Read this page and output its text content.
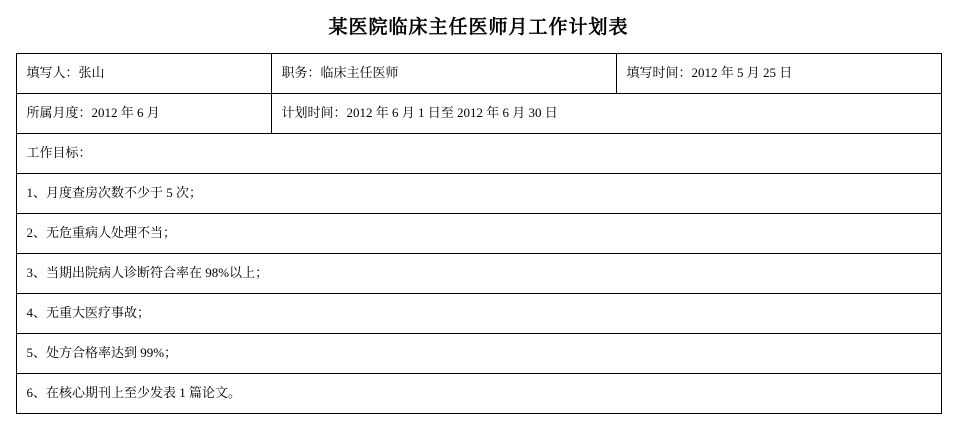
某医院临床主任医师月工作计划表
填写人：张山	职务：临床主任医师	填写时间：2012 年 5 月 25 日
所属月度：2012 年 6 月	计划时间：2012 年 6 月 1 日至 2012 年 6 月 30 日	
工作目标：		
1、月度查房次数不少于 5 次；		
2、无危重病人处理不当；		
3、当期出院病人诊断符合率在 98%以上；		
4、无重大医疗事故；		
5、处方合格率达到 99%；		
6、在核心期刊上至少发表 1 篇论文。		
